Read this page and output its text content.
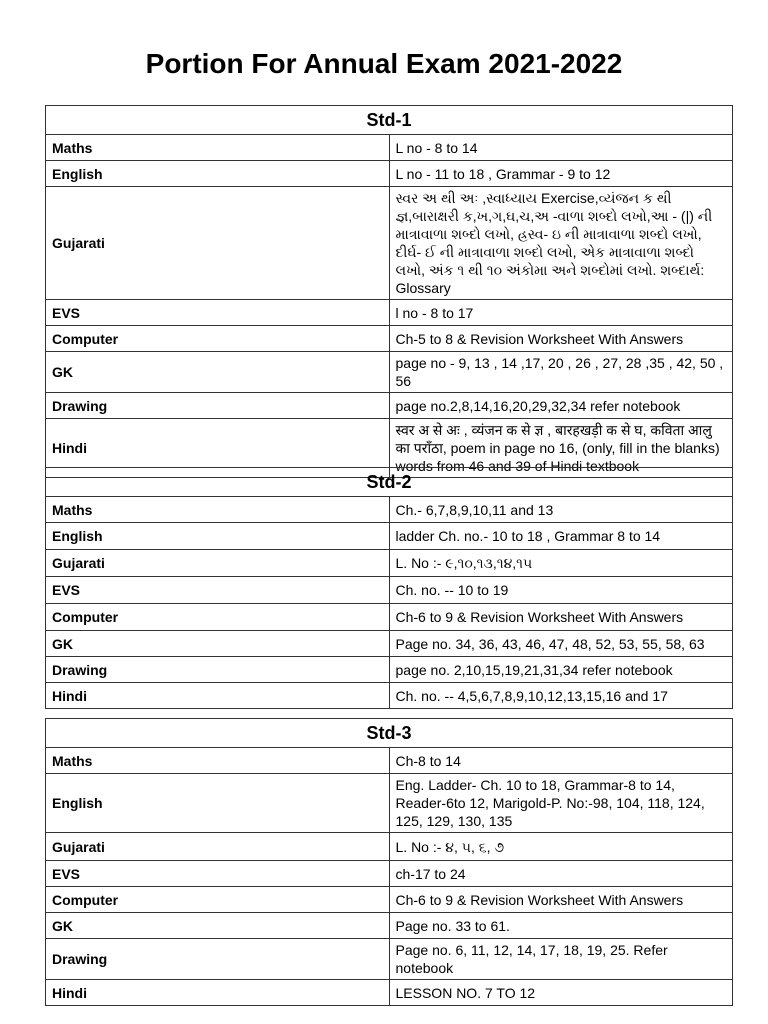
Portion For Annual Exam 2021-2022
Std-1	
Maths	L no - 8 to 14
English	L no - 11 to 18 , Grammar - 9 to 12
Gujarati	સ્વર અ થી અઃ ,સ્વાધ્યાય Exercise,વ્યંજન ક થી જ્ઞ,બારાક્ષરી ક,ખ,ગ,ઘ,ચ,અ -વાળા શબ્દો લખો,આ - (|) ની માત્રાવાળા શબ્દો લખો, હ્રસ્વ- ઇ ની માત્રાવાળા શબ્દો લખો, દીર્ઘ- ઈ ની માત્રાવાળા શબ્દો લખો, એક માત્રાવાળા શબ્દો લખો, અંક ૧ થી ૧૦ અંકોમા અને શબ્દોમાં લખો. શબ્દાર્થ: Glossary
EVS	l no - 8 to 17
Computer	Ch-5 to 8 & Revision Worksheet With Answers
GK	page no - 9, 13 , 14 ,17, 20 , 26 , 27, 28 ,35 , 42, 50 , 56
Drawing	page no.2,8,14,16,20,29,32,34 refer notebook
Hindi	स्वर अ से अः , व्यंजन क से ज्ञ , बारहखड़ी क से घ, कविता आलु का पराँठा, poem in page no 16, (only, fill in the blanks) words from 46 and 39 of Hindi textbook
Std-2	
Maths	Ch.- 6,7,8,9,10,11 and 13
English	ladder Ch. no.- 10 to 18 , Grammar 8 to 14
Gujarati	L. No :- ૯,૧૦,૧૩,૧૪,૧૫
EVS	Ch. no. -- 10 to 19
Computer	Ch-6 to 9 & Revision Worksheet With Answers
GK	Page no. 34, 36, 43, 46, 47, 48, 52, 53, 55, 58, 63
Drawing	page no. 2,10,15,19,21,31,34 refer notebook
Hindi	Ch. no. -- 4,5,6,7,8,9,10,12,13,15,16 and 17
Std-3	
Maths	Ch-8 to 14
English	Eng. Ladder- Ch. 10 to 18, Grammar-8 to 14, Reader-6to 12, Marigold-P. No:-98, 104, 118, 124, 125, 129, 130, 135
Gujarati	L. No :- ૪, ૫, ૬, ૭
EVS	ch-17 to 24
Computer	Ch-6 to 9 & Revision Worksheet With Answers
GK	Page no. 33 to 61.
Drawing	Page no. 6, 11, 12, 14, 17, 18, 19, 25. Refer notebook
Hindi	LESSON NO. 7 TO 12
